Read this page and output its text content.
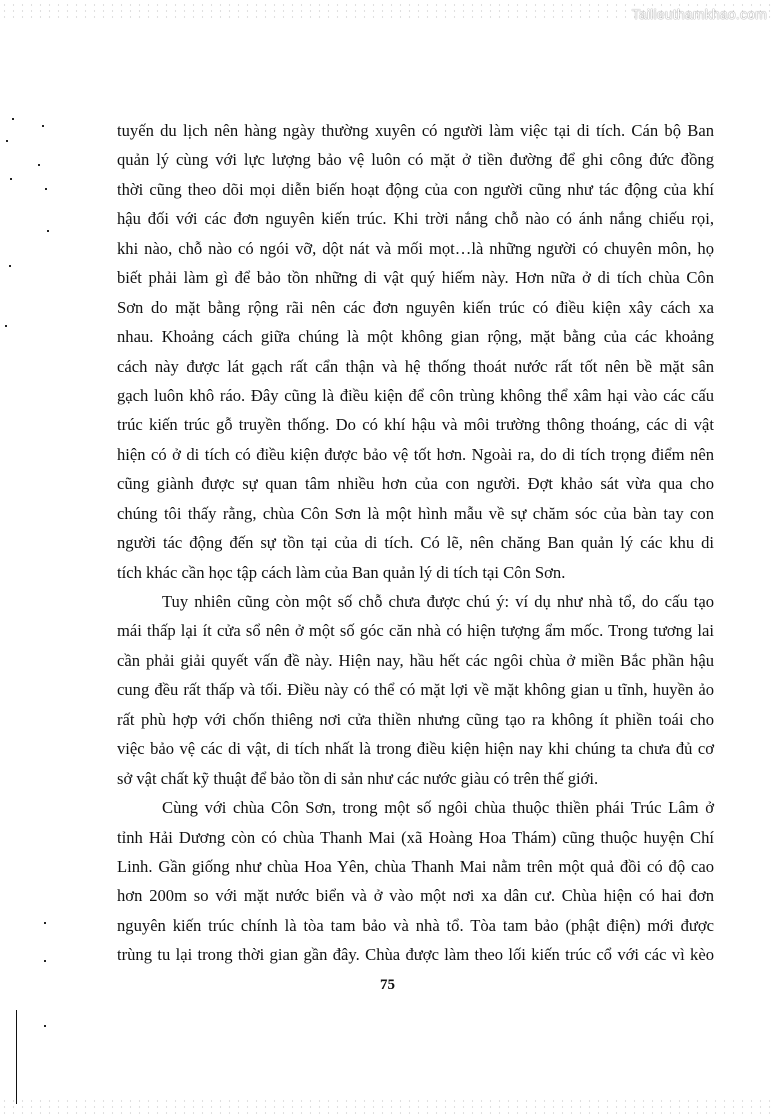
Tailieuthamkhao.com
tuyến du lịch nên hàng ngày thường xuyên có người làm việc tại di tích. Cán bộ Ban
quản lý cùng với lực lượng bảo vệ luôn có mặt ở tiền đường để ghi công đức đồng
thời cũng theo dõi mọi diễn biến hoạt động của con người cũng như tác động của khí
hậu đối với các đơn nguyên kiến trúc. Khi trời nắng chỗ nào có ánh nắng chiếu rọi,
khi nào, chỗ nào có ngói vỡ, dột nát và mối mọt…là những người có chuyên môn, họ
biết phải làm gì để bảo tồn những di vật quý hiếm này. Hơn nữa ở di tích chùa Côn
Sơn do mặt bằng rộng rãi nên các đơn nguyên kiến trúc có điều kiện xây cách xa
nhau. Khoảng cách giữa chúng là một không gian rộng, mặt bằng của các khoảng
cách này được lát gạch rất cẩn thận và hệ thống thoát nước rất tốt nên bề mặt sân
gạch luôn khô ráo. Đây cũng là điều kiện để côn trùng không thể xâm hại vào các cấu
trúc kiến trúc gỗ truyền thống. Do có khí hậu và môi trường thông thoáng, các di vật
hiện có ở di tích có điều kiện được bảo vệ tốt hơn. Ngoài ra, do di tích trọng điểm nên
cũng giành được sự quan tâm nhiều hơn của con người. Đợt khảo sát vừa qua cho
chúng tôi thấy rằng, chùa Côn Sơn là một hình mẫu về sự chăm sóc của bàn tay con
người tác động đến sự tồn tại của di tích. Có lẽ, nên chăng Ban quản lý các khu di
tích khác cần học tập cách làm của Ban quản lý di tích tại Côn Sơn.
Tuy nhiên cũng còn một số chỗ chưa được chú ý: ví dụ như nhà tổ, do cấu tạo
mái thấp lại ít cửa sổ nên ở một số góc căn nhà có hiện tượng ẩm mốc. Trong tương lai
cần phải giải quyết vấn đề này. Hiện nay, hầu hết các ngôi chùa ở miền Bắc phần hậu
cung đều rất thấp và tối. Điều này có thể có mặt lợi về mặt không gian u tĩnh, huyền ảo
rất phù hợp với chốn thiêng nơi cửa thiền nhưng cũng tạo ra không ít phiền toái cho
việc bảo vệ các di vật, di tích nhất là trong điều kiện hiện nay khi chúng ta chưa đủ cơ
sở vật chất kỹ thuật để bảo tồn di sản như các nước giàu có trên thế giới.
Cùng với chùa Côn Sơn, trong một số ngôi chùa thuộc thiền phái Trúc Lâm ở
tỉnh Hải Dương còn có chùa Thanh Mai (xã Hoàng Hoa Thám) cũng thuộc huyện Chí
Linh. Gần giống như chùa Hoa Yên, chùa Thanh Mai nằm trên một quả đồi có độ cao
hơn 200m so với mặt nước biển và ở vào một nơi xa dân cư. Chùa hiện có hai đơn
nguyên kiến trúc chính là tòa tam bảo và nhà tổ. Tòa tam bảo (phật điện) mới được
trùng tu lại trong thời gian gần đây. Chùa được làm theo lối kiến trúc cổ với các vì kèo
75
